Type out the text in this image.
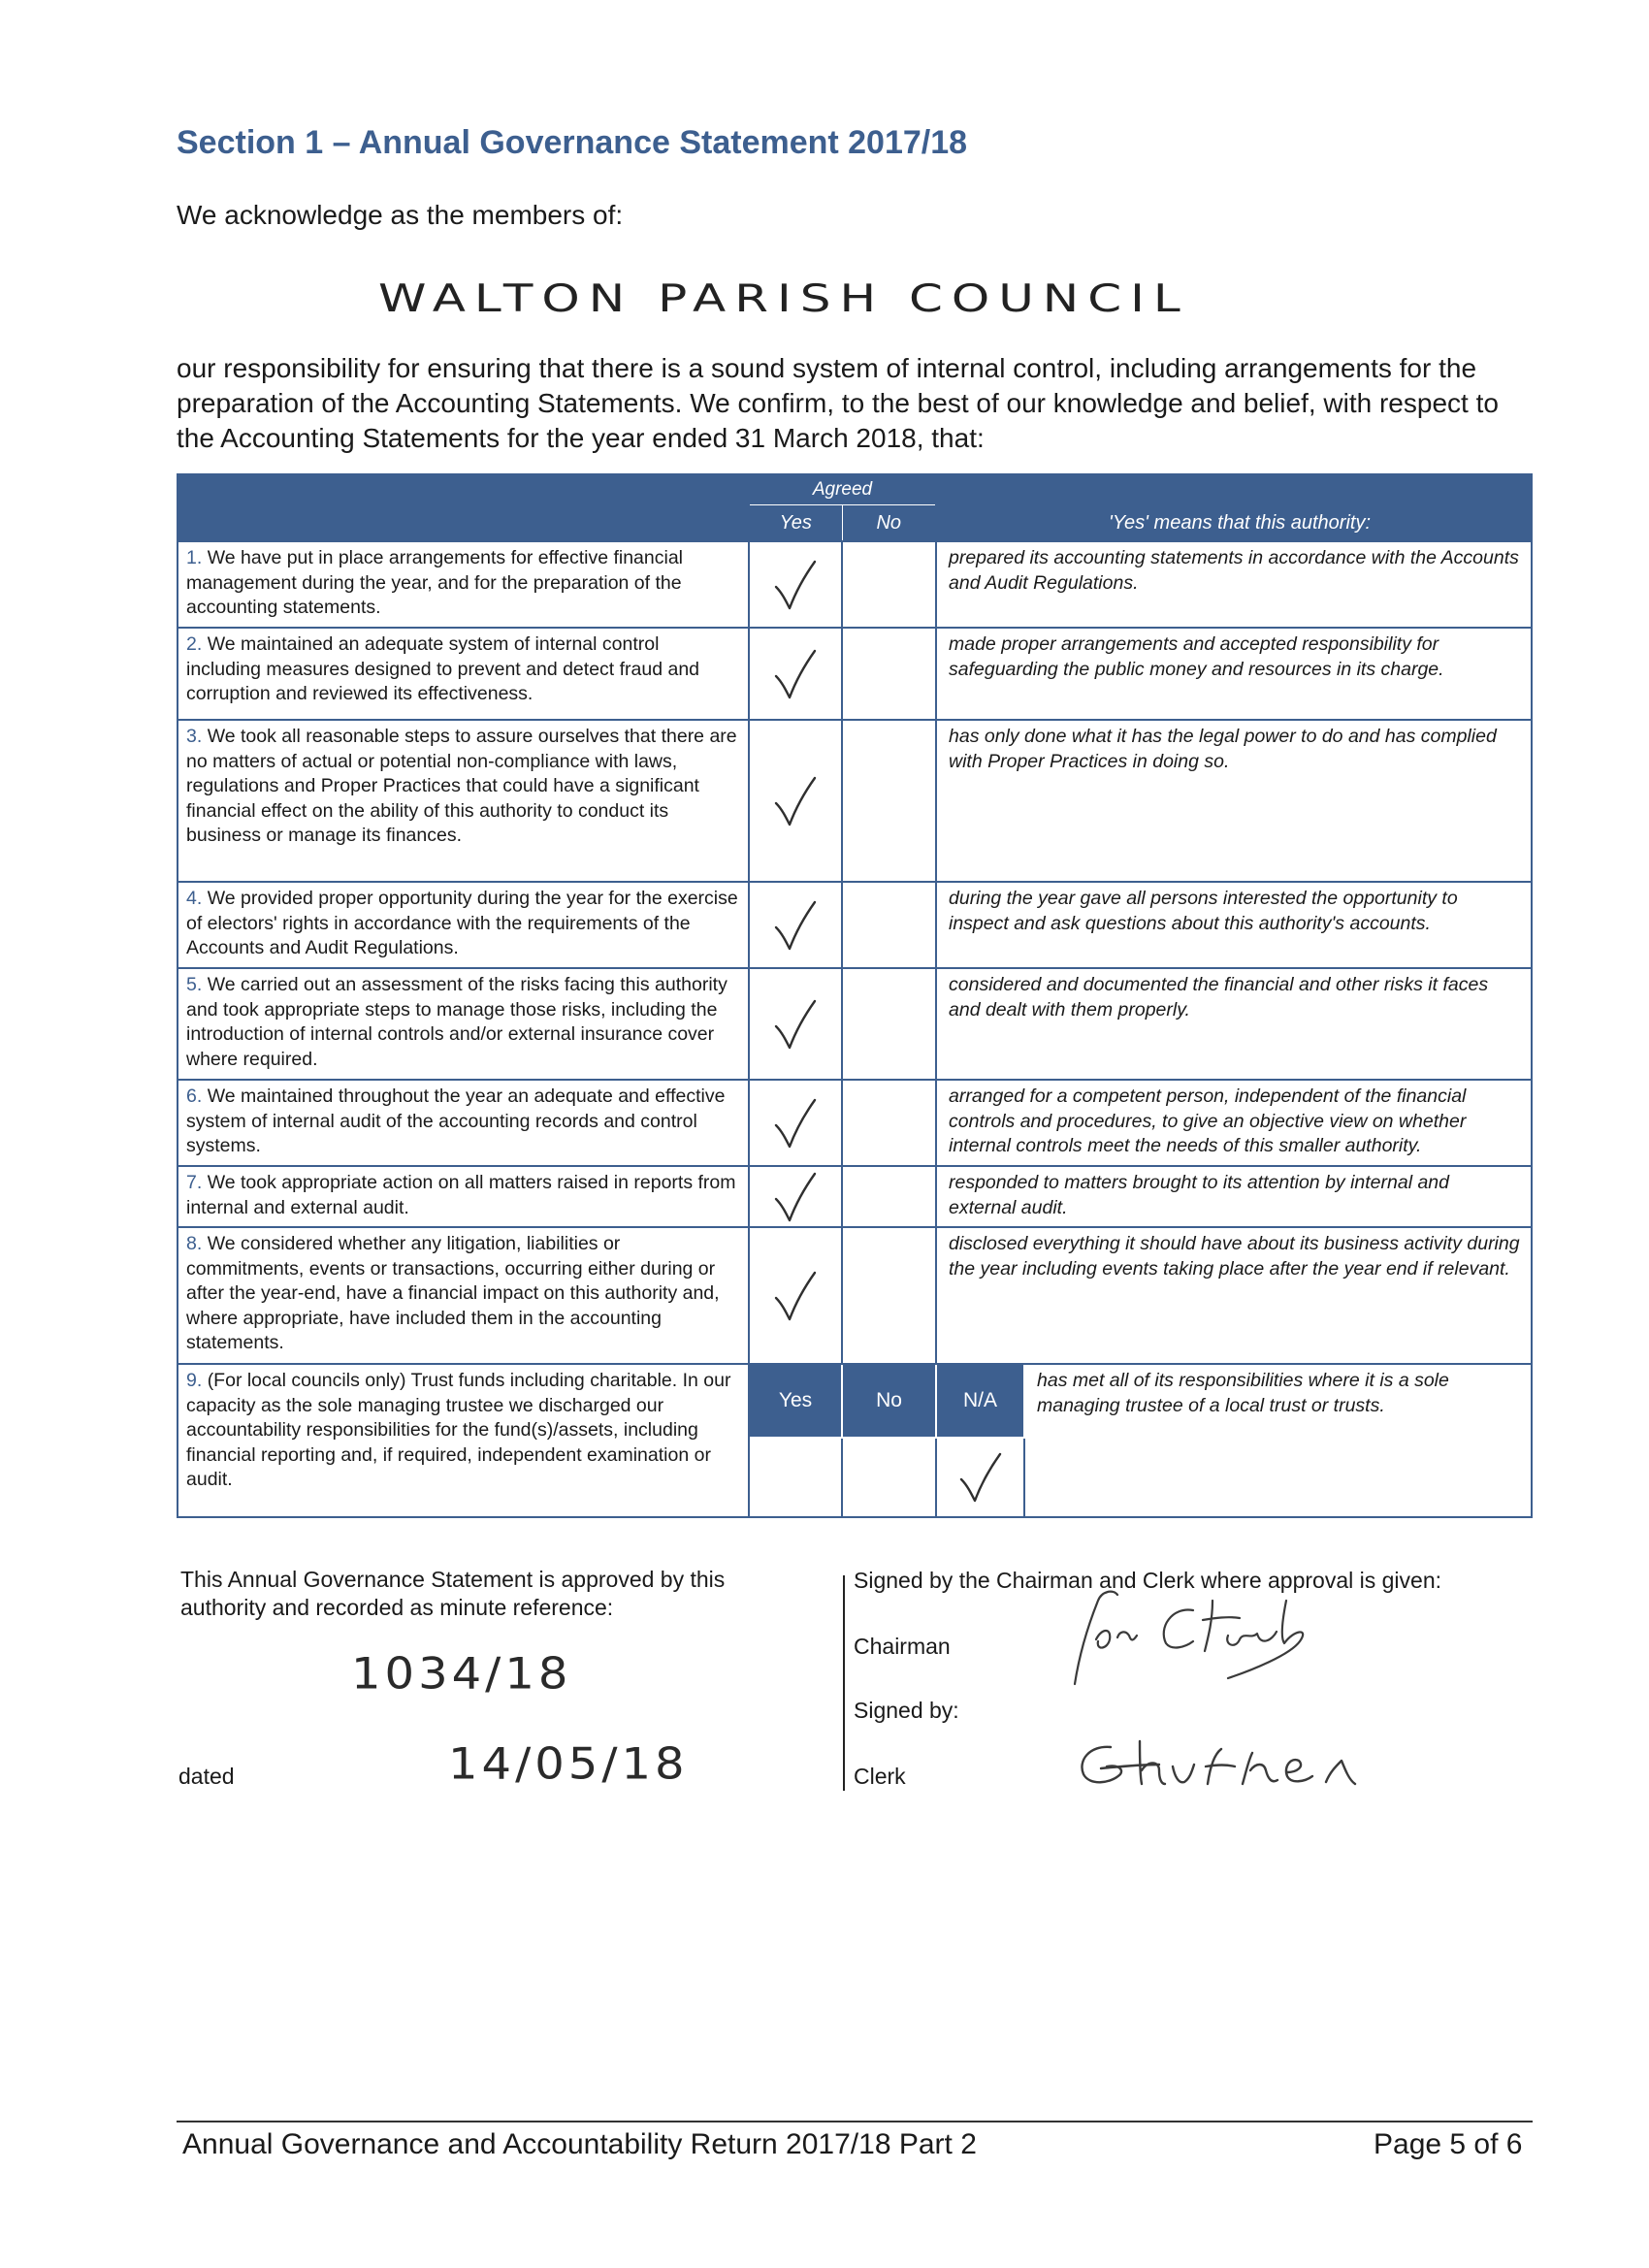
Section 1 – Annual Governance Statement 2017/18
We acknowledge as the members of:
WALTON PARISH COUNCIL
our responsibility for ensuring that there is a sound system of internal control, including arrangements for the preparation of the Accounting Statements. We confirm, to the best of our knowledge and belief, with respect to the Accounting Statements for the year ended 31 March 2018, that:
	Agreed		'Yes' means that this authority:	
	Yes	No		
1. We have put in place arrangements for effective financial management during the year, and for the preparation of the accounting statements.			prepared its accounting statements in accordance with the Accounts and Audit Regulations.	
2. We maintained an adequate system of internal control including measures designed to prevent and detect fraud and corruption and reviewed its effectiveness.			made proper arrangements and accepted responsibility for safeguarding the public money and resources in its charge.	
3. We took all reasonable steps to assure ourselves that there are no matters of actual or potential non-compliance with laws, regulations and Proper Practices that could have a significant financial effect on the ability of this authority to conduct its business or manage its finances.			has only done what it has the legal power to do and has complied with Proper Practices in doing so.	
4. We provided proper opportunity during the year for the exercise of electors' rights in accordance with the requirements of the Accounts and Audit Regulations.			during the year gave all persons interested the opportunity to inspect and ask questions about this authority's accounts.	
5. We carried out an assessment of the risks facing this authority and took appropriate steps to manage those risks, including the introduction of internal controls and/or external insurance cover where required.			considered and documented the financial and other risks it faces and dealt with them properly.	
6. We maintained throughout the year an adequate and effective system of internal audit of the accounting records and control systems.			arranged for a competent person, independent of the financial controls and procedures, to give an objective view on whether internal controls meet the needs of this smaller authority.	
7. We took appropriate action on all matters raised in reports from internal and external audit.			responded to matters brought to its attention by internal and external audit.	
8. We considered whether any litigation, liabilities or commitments, events or transactions, occurring either during or after the year-end, have a financial impact on this authority and, where appropriate, have included them in the accounting statements.			disclosed everything it should have about its business activity during the year including events taking place after the year end if relevant.	
9. (For local councils only) Trust funds including charitable. In our capacity as the sole managing trustee we discharged our accountability responsibilities for the fund(s)/assets, including financial reporting and, if required, independent examination or audit.	Yes	No	N/A	has met all of its responsibilities where it is a sole managing trustee of a local trust or trusts.

This Annual Governance Statement is approved by this authority and recorded as minute reference:
1034/18
dated	14/05/18
Signed by the Chairman and Clerk where approval is given:
Chairman
Signed by:
Clerk
Annual Governance and Accountability Return 2017/18 Part 2	Page 5 of 6
